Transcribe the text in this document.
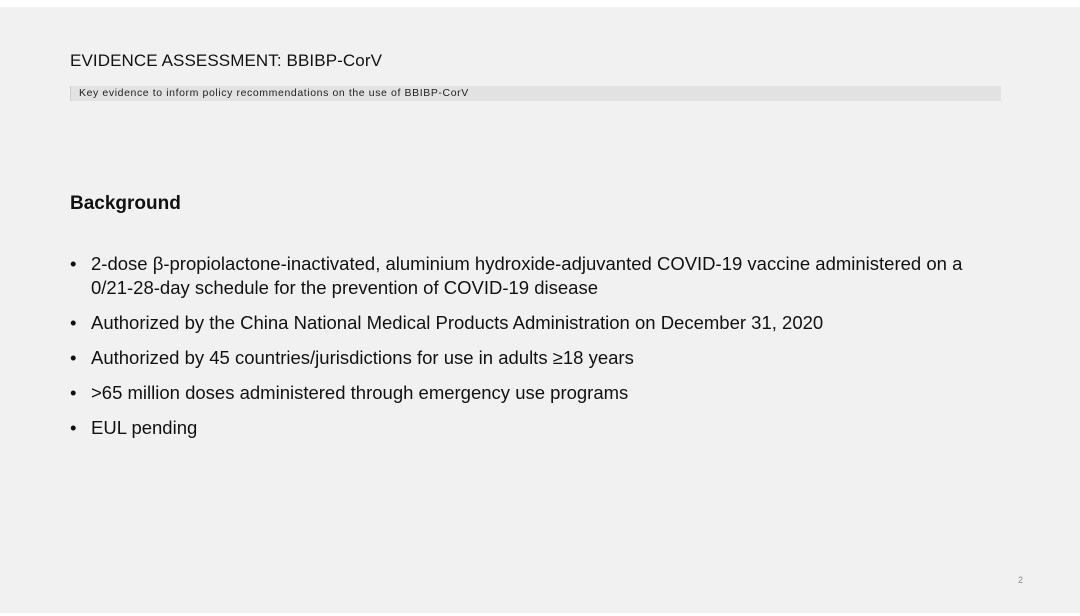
EVIDENCE ASSESSMENT: BBIBP-CorV
Key evidence to inform policy recommendations on the use of BBIBP-CorV
Background
• 2-dose β-propiolactone-inactivated, aluminium hydroxide-adjuvanted COVID-19 vaccine administered on a 0/21-28-day schedule for the prevention of COVID-19 disease
• Authorized by the China National Medical Products Administration on December 31, 2020
• Authorized by 45 countries/jurisdictions for use in adults ≥18 years
• >65 million doses administered through emergency use programs
• EUL pending
2
